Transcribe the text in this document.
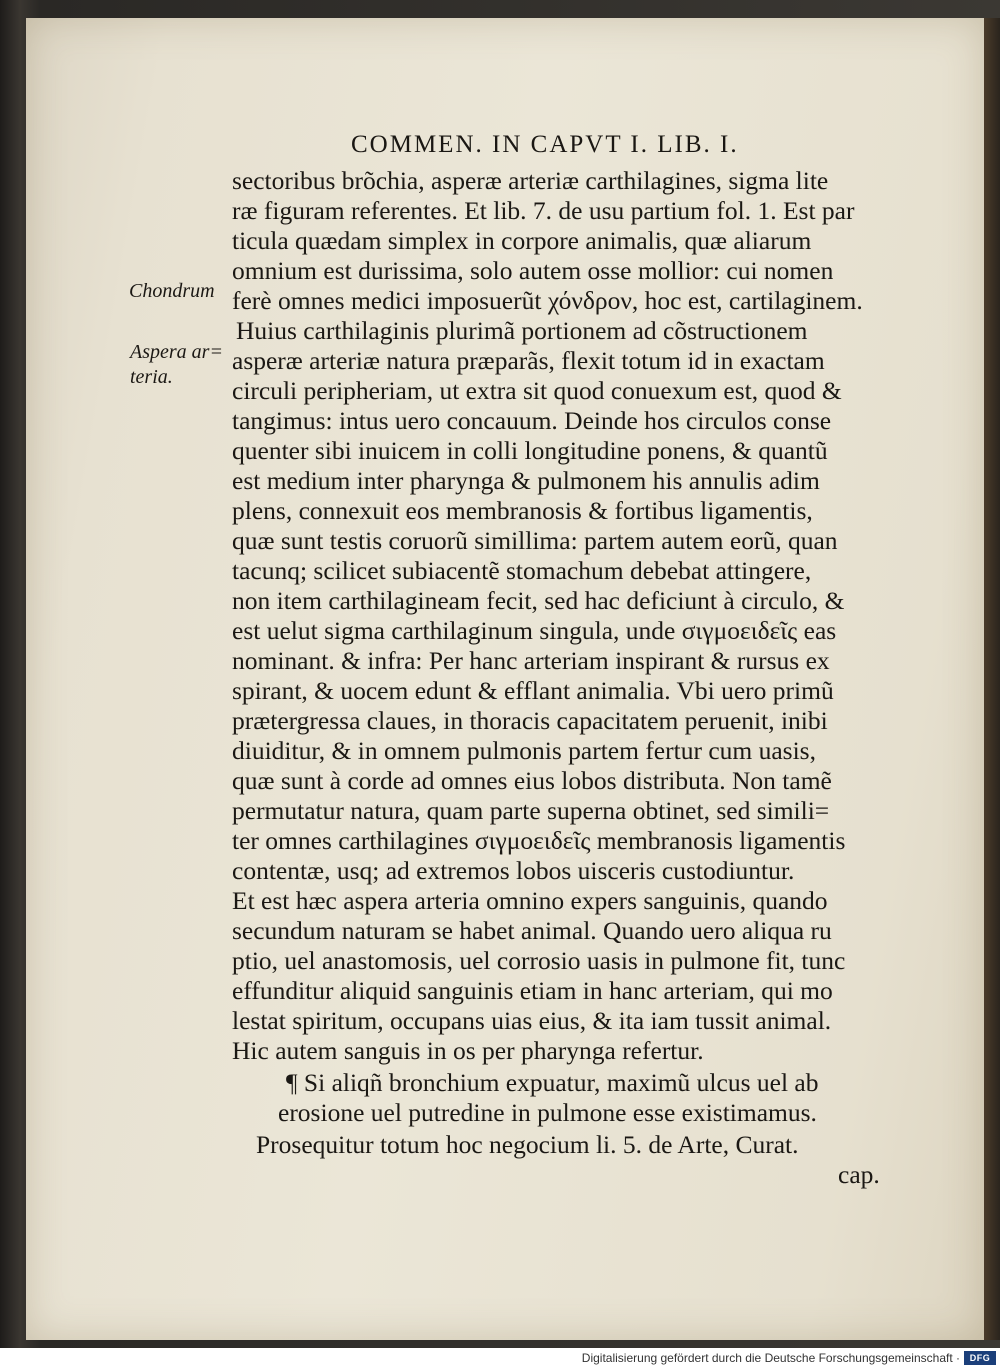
COMMEN. IN CAPVT I. LIB. I.
Chondrum
Aspera ar=
teria.
sectoribus brõchia, asperæ arteriæ carthilagines, sigma lite
ræ figuram referentes. Et lib. 7. de usu partium fol. 1. Est par
ticula quædam simplex in corpore animalis, quæ aliarum
omnium est durissima, solo autem osse mollior: cui nomen
ferè omnes medici imposuerũt χόνδρον, hoc est, cartilaginem.
Huius carthilaginis plurimã portionem ad cõstructionem
asperæ arteriæ natura præparãs, flexit totum id in exactam
circuli peripheriam, ut extra sit quod conuexum est, quod &
tangimus: intus uero concauum. Deinde hos circulos conse
quenter sibi inuicem in colli longitudine ponens, & quantũ
est medium inter pharynga & pulmonem his annulis adim
plens, connexuit eos membranosis & fortibus ligamentis,
quæ sunt testis coruorũ simillima: partem autem eorũ, quan
tacunq; scilicet subiacentẽ stomachum debebat attingere,
non item carthilagineam fecit, sed hac deficiunt à circulo, &
est uelut sigma carthilaginum singula, unde σιγμοειδεῖς eas
nominant. & infra: Per hanc arteriam inspirant & rursus ex
spirant, & uocem edunt & efflant animalia. Vbi uero primũ
prætergressa claues, in thoracis capacitatem peruenit, inibi
diuiditur, & in omnem pulmonis partem fertur cum uasis,
quæ sunt à corde ad omnes eius lobos distributa. Non tamẽ
permutatur natura, quam parte superna obtinet, sed simili=
ter omnes carthilagines σιγμοειδεῖς membranosis ligamentis
contentæ, usq; ad extremos lobos uisceris custodiuntur.
Et est hæc aspera arteria omnino expers sanguinis, quando
secundum naturam se habet animal. Quando uero aliqua ru
ptio, uel anastomosis, uel corrosio uasis in pulmone fit, tunc
effunditur aliquid sanguinis etiam in hanc arteriam, qui mo
lestat spiritum, occupans uias eius, & ita iam tussit animal.
Hic autem sanguis in os per pharynga refertur.
¶ Si aliqñ bronchium expuatur, maximũ ulcus uel ab
erosione uel putredine in pulmone esse existimamus.
Prosequitur totum hoc negocium li. 5. de Arte, Curat.
cap.
Digitalisierung gefördert durch die Deutsche Forschungsgemeinschaft ·	DFG
